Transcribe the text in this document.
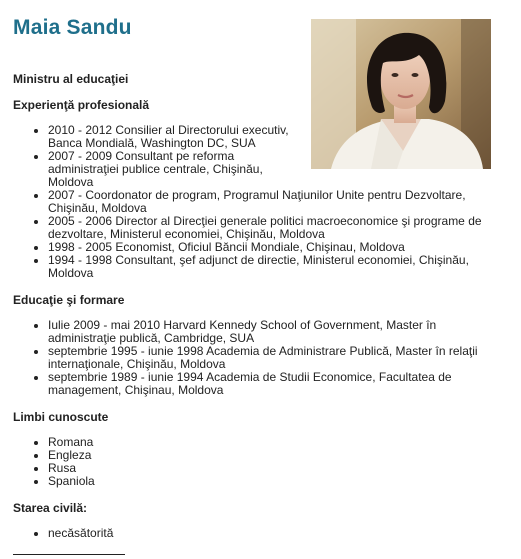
Maia Sandu
Ministru al educaţiei
Experienţă profesională
• 2010 - 2012 Consilier al Directorului executiv, Banca Mondială, Washington DC, SUA
• 2007 - 2009 Consultant pe reforma administraţiei publice centrale, Chişinău, Moldova
• 2007 - Coordonator de program, Programul Naţiunilor Unite pentru Dezvoltare, Chişinău, Moldova
• 2005 - 2006 Director al Direcţiei generale politici macroeconomice şi programe de dezvoltare, Ministerul economiei, Chişinău, Moldova
• 1998 - 2005 Economist, Oficiul Băncii Mondiale, Chişinau, Moldova
• 1994 - 1998 Consultant, şef adjunct de directie, Ministerul economiei, Chişinău, Moldova
Educaţie şi formare
• Iulie 2009 - mai 2010 Harvard Kennedy School of Government, Master în administraţie publică, Cambridge, SUA
• septembrie 1995 - iunie 1998 Academia de Administrare Publică, Master în relaţii internaţionale, Chişinău, Moldova
• septembrie 1989 - iunie 1994 Academia de Studii Economice, Facultatea de management, Chişinau, Moldova
Limbi cunoscute
• Romana
• Engleza
• Rusa
• Spaniola
Starea civilă:
• necăsătorită
